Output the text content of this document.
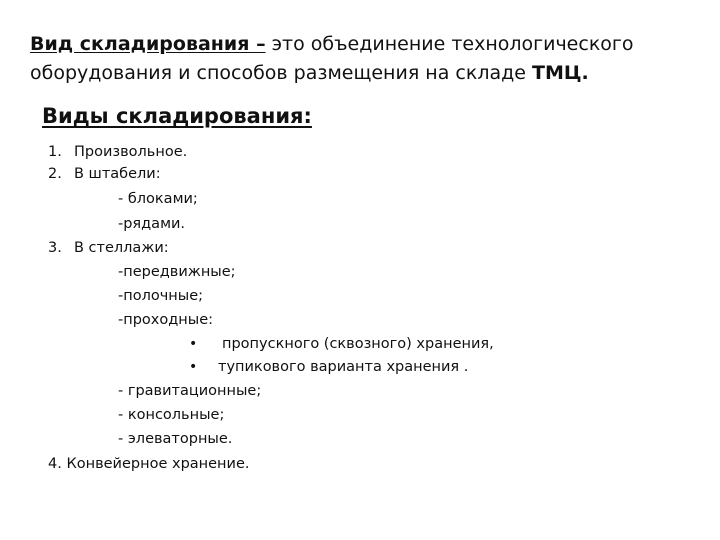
Вид складирования – это объединение технологического оборудования и способов размещения на складе ТМЦ.
Виды складирования:
1. Произвольное.
2. В штабели:
- блоками;
-рядами.
3. В стеллажи:
-передвижные;
-полочные;
-проходные:
• пропускного (сквозного) хранения,
• тупикового варианта хранения .
- гравитационные;
- консольные;
- элеваторные.
4. Конвейерное хранение.
